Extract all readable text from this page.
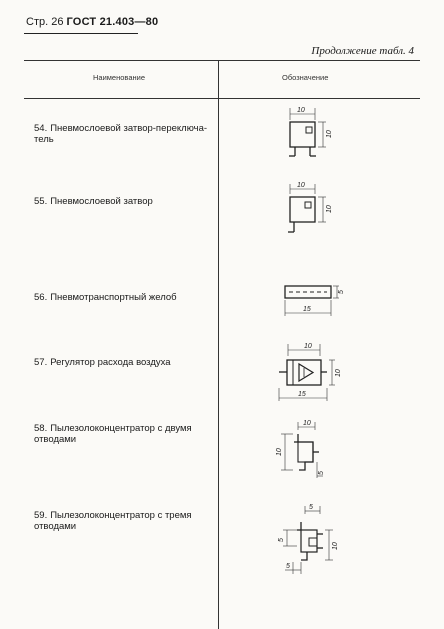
Стр. 26 ГОСТ 21.403—80
Продолжение табл. 4
Наименование	Обозначение
54. Пневмослоевой затвор-переключа-тель
10
10
55. Пневмослоевой затвор
10
10
56. Пневмотранспортный желоб	5
15
57. Регулятор расхода воздуха
10
10
15
58. Пылезолоконцентратор с двумя отводами
10
10
5
59. Пылезолоконцентратор с тремя отводами
5
5
10
5
